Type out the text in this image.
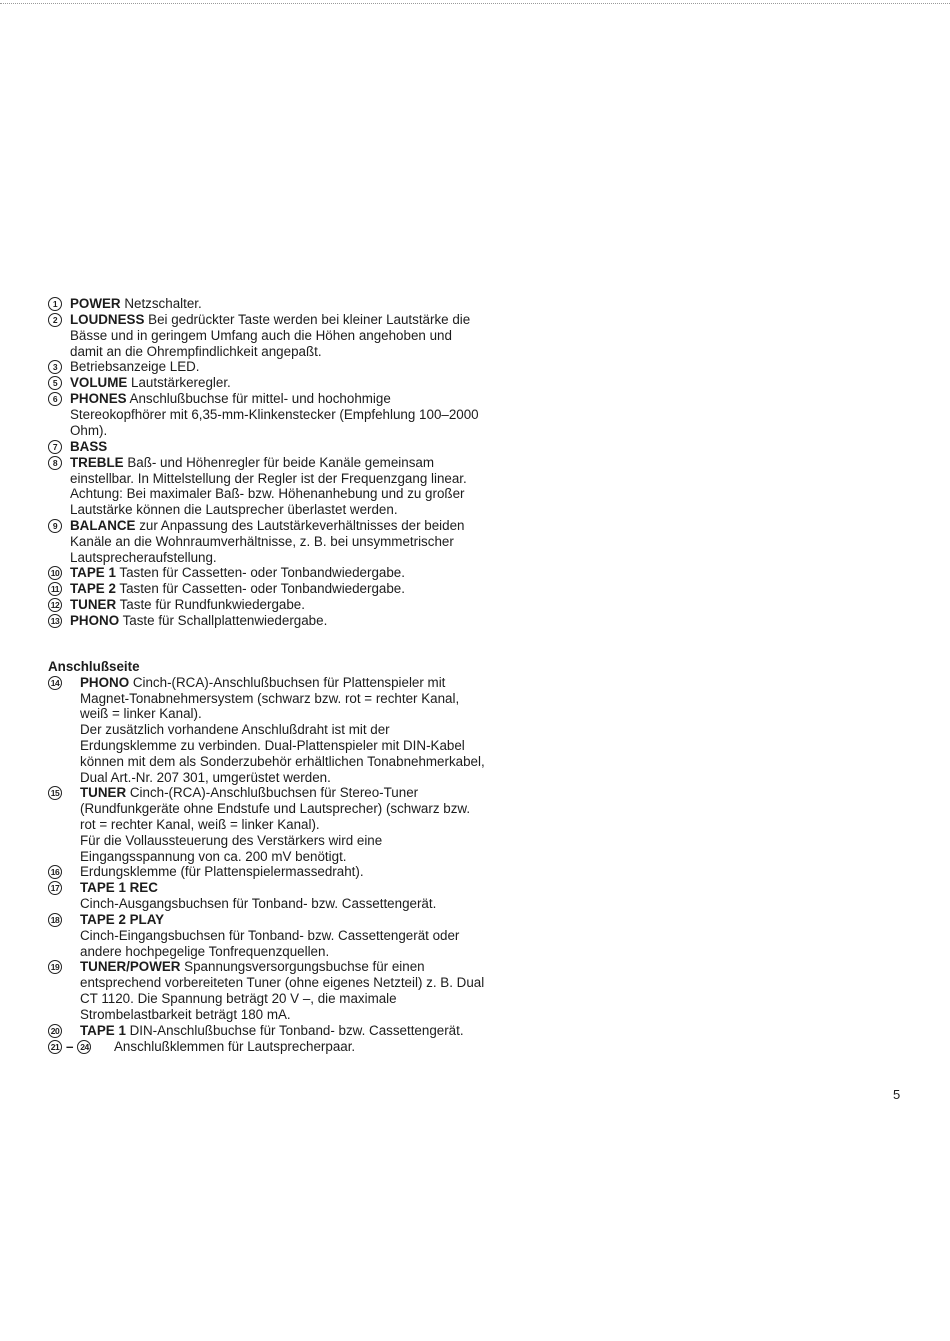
1 POWER Netzschalter.
2 LOUDNESS Bei gedrückter Taste werden bei kleiner Lautstärke die Bässe und in geringem Umfang auch die Höhen angehoben und damit an die Ohrempfindlichkeit angepaßt.
3 Betriebsanzeige LED.
5 VOLUME Lautstärkeregler.
6 PHONES Anschlußbuchse für mittel- und hochohmige Stereokopfhörer mit 6,35-mm-Klinkenstecker (Empfehlung 100–2000 Ohm).
7 BASS
8 TREBLE Baß- und Höhenregler für beide Kanäle gemeinsam einstellbar. In Mittelstellung der Regler ist der Frequenzgang linear. Achtung: Bei maximaler Baß- bzw. Höhenanhebung und zu großer Lautstärke können die Lautsprecher überlastet werden.
9 BALANCE zur Anpassung des Lautstärkeverhältnisses der beiden Kanäle an die Wohnraumverhältnisse, z. B. bei unsymmetrischer Lautsprecheraufstellung.
10 TAPE 1 Tasten für Cassetten- oder Tonbandwiedergabe.
11 TAPE 2 Tasten für Cassetten- oder Tonbandwiedergabe.
12 TUNER Taste für Rundfunkwiedergabe.
13 PHONO Taste für Schallplattenwiedergabe.
Anschlußseite
14 PHONO Cinch-(RCA)-Anschlußbuchsen für Plattenspieler mit Magnet-Tonabnehmersystem (schwarz bzw. rot = rechter Kanal, weiß = linker Kanal).
Der zusätzlich vorhandene Anschlußdraht ist mit der Erdungsklemme zu verbinden. Dual-Plattenspieler mit DIN-Kabel können mit dem als Sonderzubehör erhältlichen Tonabnehmerkabel, Dual Art.-Nr. 207 301, umgerüstet werden.
15 TUNER Cinch-(RCA)-Anschlußbuchsen für Stereo-Tuner (Rundfunkgeräte ohne Endstufe und Lautsprecher) (schwarz bzw. rot = rechter Kanal, weiß = linker Kanal).
Für die Vollaussteuerung des Verstärkers wird eine Eingangsspannung von ca. 200 mV benötigt.
16 Erdungsklemme (für Plattenspielermassedraht).
17 TAPE 1 REC
Cinch-Ausgangsbuchsen für Tonband- bzw. Cassettengerät.
18 TAPE 2 PLAY
Cinch-Eingangsbuchsen für Tonband- bzw. Cassettengerät oder andere hochpegelige Tonfrequenzquellen.
19 TUNER/POWER Spannungsversorgungsbuchse für einen entsprechend vorbereiteten Tuner (ohne eigenes Netzteil) z. B. Dual CT 1120. Die Spannung beträgt 20 V –, die maximale Strombelastbarkeit beträgt 180 mA.
20 TAPE 1 DIN-Anschlußbuchse für Tonband- bzw. Cassettengerät.
21 – 24 Anschlußklemmen für Lautsprecherpaar.
5
